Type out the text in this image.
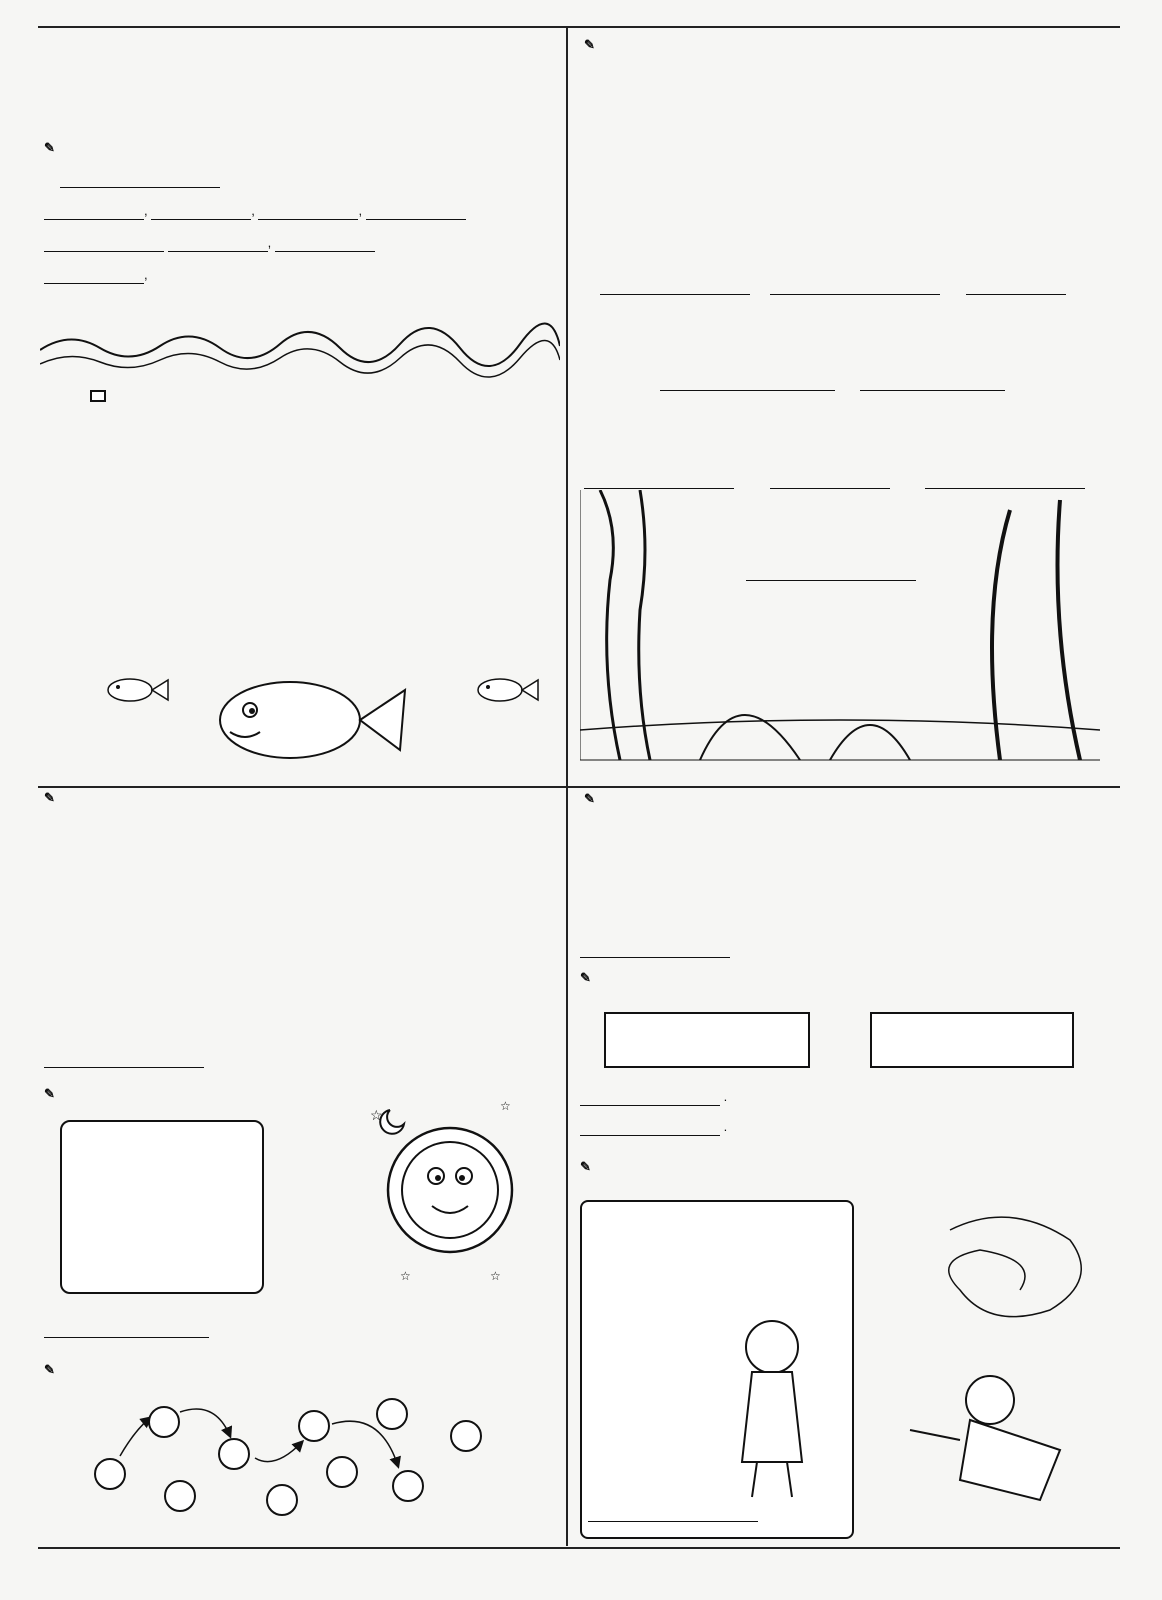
✎
,	,	,
,
,
✎

✎
✎
☆
☆
☆	☆
✎
✎
✎
.
.
✎
